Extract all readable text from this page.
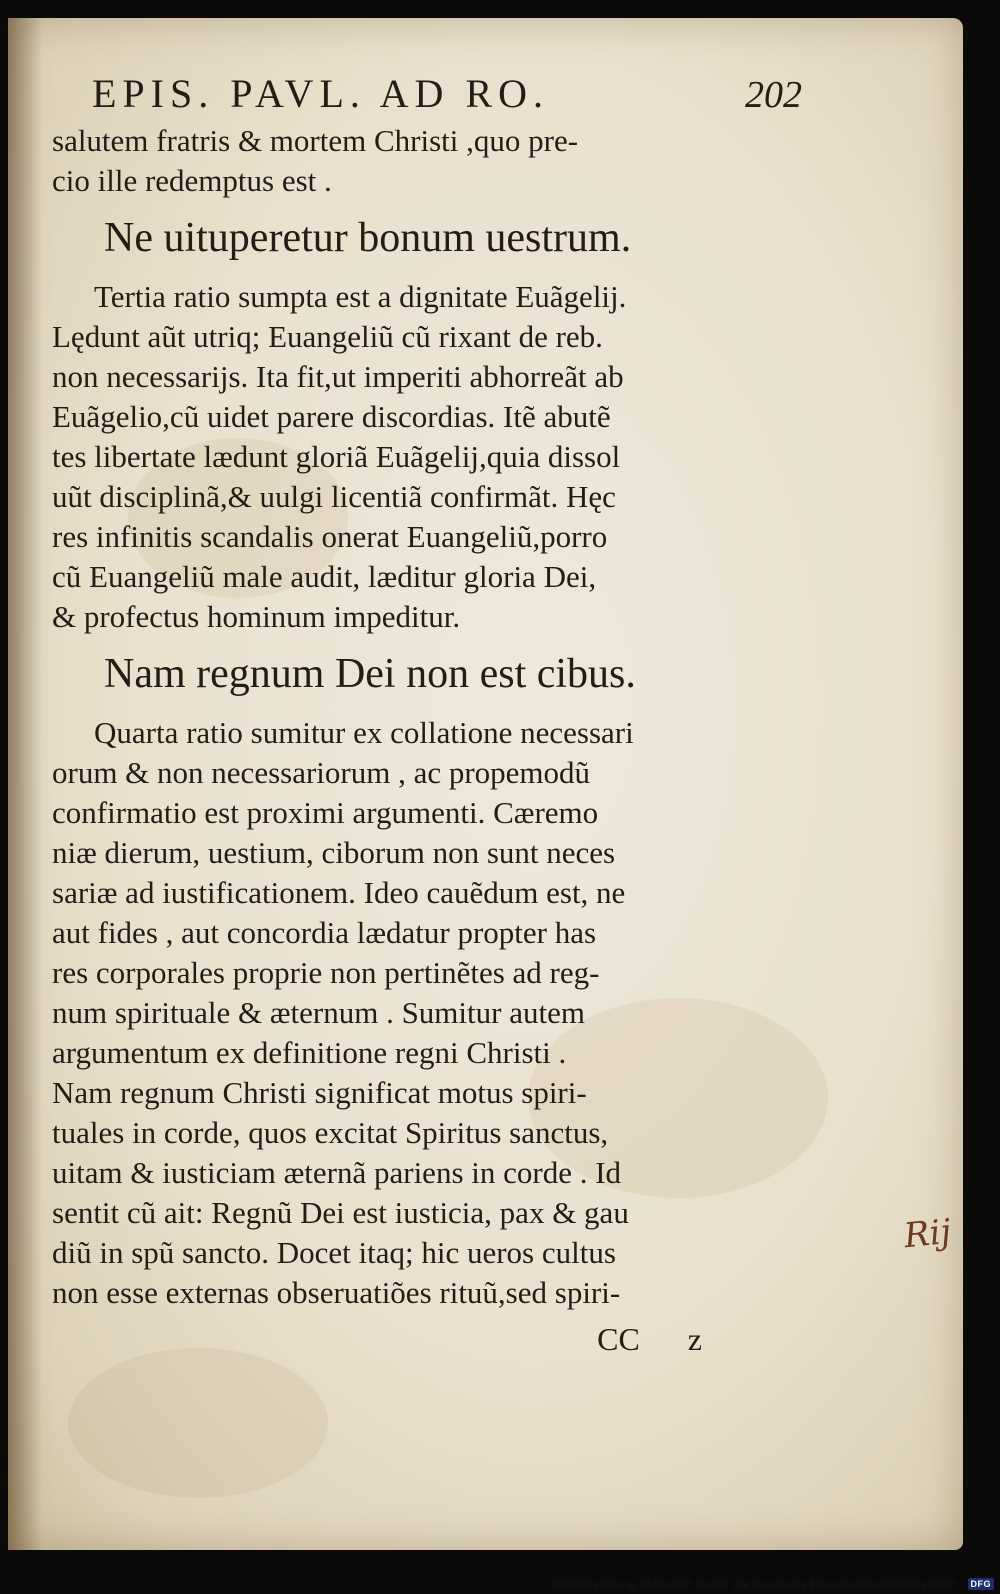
EPIS. PAVL. AD RO.	202
salutem fratris & mortem Christi ,quo pre-
cio ille redemptus est .
Ne uituperetur bonum uestrum.
Tertia ratio sumpta est a dignitate Euãgelij.
Lędunt aũt utriq; Euangeliũ cũ rixant de reb.
non necessarijs. Ita fit,ut imperiti abhorreãt ab
Euãgelio,cũ uidet parere discordias. Itẽ abutẽ
tes libertate lædunt gloriã Euãgelij,quia dissol
uũt disciplinã,& uulgi licentiã confirmãt. Hęc
res infinitis scandalis onerat Euangeliũ,porro
cũ Euangeliũ male audit, læditur gloria Dei,
& profectus hominum impeditur.
Nam regnum Dei non est cibus.
Quarta ratio sumitur ex collatione necessari
orum & non necessariorum , ac propemodũ
confirmatio est proximi argumenti. Cæremo
niæ dierum, uestium, ciborum non sunt neces
sariæ ad iustificationem. Ideo cauẽdum est, ne
aut fides , aut concordia lædatur propter has
res corporales proprie non pertinẽtes ad reg-
num spirituale & æternum . Sumitur autem
argumentum ex definitione regni Christi .
Nam regnum Christi significat motus spiri-
tuales in corde, quos excitat Spiritus sanctus,
uitam & iusticiam æternã pariens in corde . Id
sentit cũ ait: Regnũ Dei est iusticia, pax & gau
diũ in spũ sanctο. Docet itaq; hic ueros cultus
non esse externas obseruatiões rituũ,sed spiri-
CC z
Rij
Digitalisierung gefördert durch die Deutsche Forschungsgemeinschaft · DFG
